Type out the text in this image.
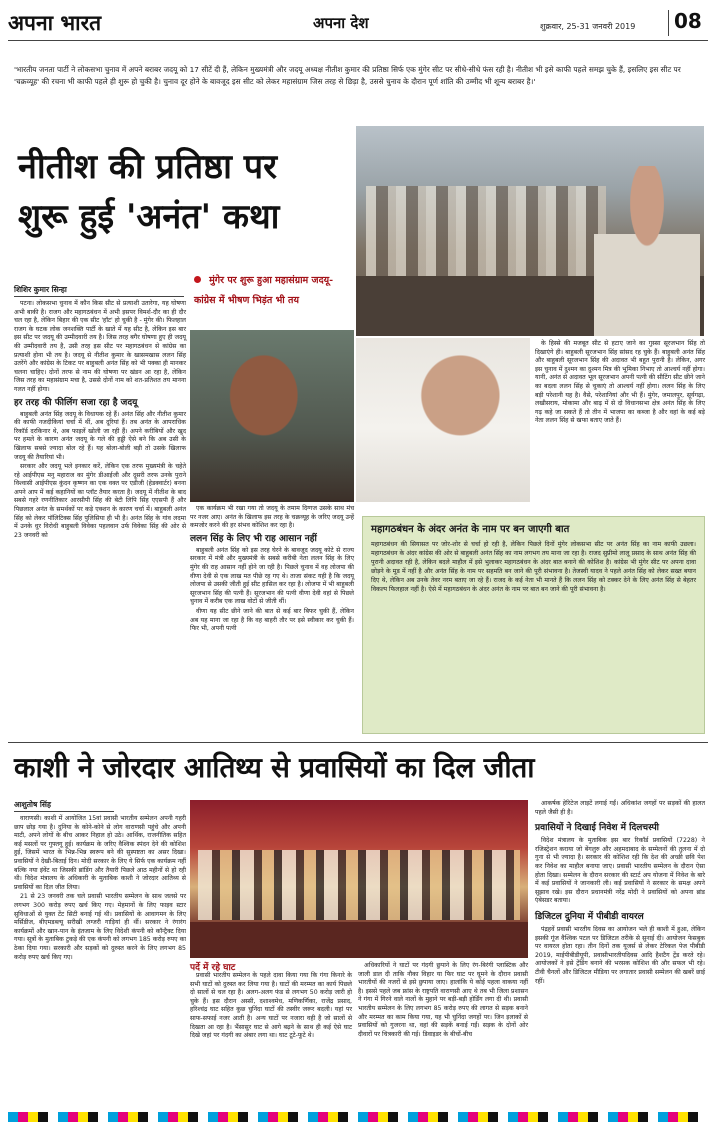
अपना भारत	अपना देश	शुक्रवार, 25-31 जनवरी 2019 08
'भारतीय जनता पार्टी ने लोकसभा चुनाव में अपने बराबर जदयू को 17 सीटें दी हैं, लेकिन मुख्यमंत्री और जदयू अध्यक्ष नीतीश कुमार की प्रतिष्ठा सिर्फ एक मुंगेर सीट पर सीधे-सीधे फंस रही है। नीतीश भी इसे काफी पहले समझ चुके हैं, इसलिए इस सीट पर 'चक्रव्यूह' की रचना भी काफी पहले ही शुरू हो चुकी है। चुनाव दूर होने के बावजूद इस सीट को लेकर महासंग्राम जिस तरह से छिड़ा है, उससे चुनाव के दौरान पूर्ण शांति की उम्मीद भी शून्य बराबर है।'
नीतीश की प्रतिष्ठा पर
शुरू हुई 'अनंत' कथा
शिशिर कुमार सिन्हा

पटना। लोकसभा चुनाव में कौन किस सीट से प्रत्याशी उतारेगा, यह घोषणा अभी बाकी है। राजग और महागठबंधन में अभी इसपर विमर्श-दौर का ही दौर चल रहा है, लेकिन बिहार की एक सीट 'हॉट' हो चुकी है - मुंगेर की। फिलहाल राजग के घटक लोक जनशक्ति पार्टी के खाते में यह सीट है, लेकिन इस बार इस सीट पर जदयू की उम्मीदवारी तय है। जिस तरह बगैर घोषणा हुए ही जदयू की उम्मीदवारी तय है, उसी तरह इस सीट पर महागठबंधन से कांग्रेस का प्रत्याशी होना भी तय है। जदयू से नीतीश कुमार के खासमखास ललन सिंह उतरेंगे और कांग्रेस के टिकट पर बाहुबली अनंत सिंह को भी पक्का ही मानकर चलना चाहिए। दोनों तरफ से नाम की घोषणा पर खंडन आ रहा है, लेकिन जिस तरह का महासंग्राम मचा है, उससे दोनों नाम को शत-प्रतिशत तय मानना गलत नहीं होगा।

हर तरह की फीलिंग सजा रहा है जदयू

बाहुबली अनंत सिंह जदयू के विधायक रहे हैं। अनंत सिंह और नीतीश कुमार की काफी नजदीकियां चर्चा में थीं, अब दूरियां हैं। तब अनंत के आपराधिक रिकॉर्ड दरकिनार थे, अब फाइलें खोली जा रही हैं। अपने करीबियों और खुद पर हमले के कारण अनंत जदयू के गले की हड्डी ऐसे बने कि अब उसी के खिलाफ सबसे ज्यादा बोल रहे हैं। यह बोला-बोली बड़ी तो उसके खिलाफ जदयू की तैयारियां भी।

सरकार और जदयू भले इनकार करें, लेकिन एक तरफ मुख्यमंत्री के चहेते रहे आईपीएस मनु महाराज का मुंगेर डीआईजी और दूसरी तरफ उनके पुराने विश्वासी आईपीएस कुंदन कृष्णन का एक वक्त पर एडीजी (हेडक्वार्टर) बनना अपने आप में कई कहानियों का प्लॉट तैयार करता है। जदयू में नीतीश के बाद सबसे गहरे रणनीतिकार आरसीपी सिंह की बेटी लिपि सिंह एएसपी हैं और पिछलाल अनंत के समर्थकों पर कड़े एक्शन के कारण चर्चा में। बाहुबली अनंत सिंह को लेकर पॉलिटिक्स सिंह पुलिसिया ही भी है। अनंत सिंह के गांव लदमा में उनके धुर विरोधी बाहुबली विवेका पहलवान उर्फ विवेका सिंह की ओर से 23 जनवरी को

मुंगेर पर शुरू हुआ महासंग्राम जदयू-कांग्रेस में भीषण भिड़ंत भी तय

एक कार्यक्रम भी रखा गया तो जदयू के तमाम दिग्गज उसके साथ मंच पर नजर आए। अनंत के खिलाफ इस तरह के चक्रव्यूह के जरिए जदयू उन्हें कमजोर करने की हर संभव कोशिश कर रहा है।

ललन सिंह के लिए भी राह आसान नहीं

बाहुबली अनंत सिंह को इस तरह घेरने के बावजूद जदयू कोटे से राज्य सरकार में मंत्री और मुख्यमंत्री के सबसे करीबी नेता ललन सिंह के लिए मुंगेर की राह आसान नहीं होने जा रही है। पिछले चुनाव में वह लोजपा की वीणा देवी से एक लाख मत पीछे रह गए थे। ताजा संकट यही है कि जदयू लोजपा से उसकी जीती हुई सीट हासिल कर रहा है। लोजपा में भी बाहुबली सूरजभान सिंह की पत्नी हैं। सूरजभान की पत्नी वीणा देवी वहां से पिछले चुनाव में करीब एक लाख वोटों से जीती थीं।

वीणा यह सीट छीने जाने की बात से कई बार बिफर चुकी हैं, लेकिन अब यह माना जा रहा है कि वह बाहरी तौर पर इसे स्वीकार कर चुकी हैं। फिर भी, अपनी पत्नी

के हिस्से की मजबूत सीट से हटाए जाने का गुस्सा सूरजभान सिंह तो दिखाएंगे ही। बाहुबली सूरजभान सिंह सांसद रह चुके हैं। बाहुबली अनंत सिंह और बाहुबली सूरजभान सिंह की अदावत भी बहुत पुरानी है। लेकिन, अगर इस चुनाव में दुश्मन का दुश्मन मित्र की भूमिका निभाए तो आश्चर्य नहीं होगा। यानी, अनंत से अदावत भूल सूरजभान अपनी पत्नी की सीटिंग सीट छीने जाने का बदला ललन सिंह से चुकाएं तो आश्चर्य नहीं होगा। ललन सिंह के लिए बड़ी परेशानी यह है। वैसे, परेशानियां और भी हैं। मुंगेर, जमालपुर, सूर्यगढ़ा, लखीसराय, मोकामा और बाढ़ में से दो विधानसभा क्षेत्र अनंत सिंह के लिए गढ़ कहे जा सकते हैं तो तीन में भाजपा का कब्जा है और वहां के कई बड़े नेता ललन सिंह से खफा बताए जाते हैं।

महागठबंधन के अंदर अनंत के नाम पर बन जाएगी बात
महागठबंधन की सियासत पर जोर-शोर से चर्चा हो रही है, लेकिन पिछले दिनों मुंगेर लोकसभा सीट पर अनंत सिंह का नाम काफी उछला। महागठबंधन के अंदर कांग्रेस की ओर से बाहुबली अनंत सिंह का नाम लगभग तय माना जा रहा है। राजद सुप्रीमो लालू प्रसाद के साथ अनंत सिंह की पुरानी अदावत रही है, लेकिन बदले माहौल में इसे भुलाकर महागठबंधन के अंदर बात बनाने की कोशिश है। कांग्रेस भी मुंगेर सीट पर अपना दावा छोड़ने के मूड में नहीं है और अनंत सिंह के नाम पर सहमति बन जाने की पूरी संभावना है। तेजस्वी यादव ने पहले अनंत सिंह को लेकर सख्त बयान दिए थे, लेकिन अब उनके तेवर नरम बताए जा रहे हैं। राजद के कई नेता भी मानते हैं कि ललन सिंह को टक्कर देने के लिए अनंत सिंह से बेहतर विकल्प फिलहाल नहीं है। ऐसे में महागठबंधन के अंदर अनंत के नाम पर बात बन जाने की पूरी संभावना है।
काशी ने जोरदार आतिथ्य से प्रवासियों का दिल जीता
आशुतोष सिंह

वाराणसी। काशी में आयोजित 15वां प्रवासी भारतीय सम्मेलन अपनी गहरी छाप छोड़ गया है। दुनिया के कोने-कोने से लोग वाराणसी पहुंचे और अपनी माटी, अपने लोगों के बीच आकर निहाल हो उठे। आर्थिक, राजनीतिक सहित कई मसलों पर गुफ्तगू हुई। कार्यक्रम के जरिए वैश्विक स्पंदन देने की कोशिश हुई, जिसमें भारत के भिन्न-भिन्न स्वरूप बने की सुस्पष्टता का असर दिखा। प्रवासियों ने देखी-बिताई दिन। मोदी सरकार के लिए ये सिर्फ एक कार्यक्रम नहीं बल्कि नया इंवेंट था जिसकी ब्रांडिंग और तैयारी पिछले आठ महीनों से हो रही थी। विदेश मंत्रालय के अधिकारी के मुताबिक काशी ने जोरदार आतिथ्य से प्रवासियों का दिल जीत लिया।

21 से 23 जनवरी तक चले प्रवासी भारतीय सम्मेलन के साथ जलसे पर लगभग 300 करोड़ रुपए खर्च किए गए। मेहमानों के लिए फाइव स्टार सुविधाओं से युक्त टेंट सिटी बनाई गई थी। प्रवासियों के आवागमन के लिए मर्सिडीज, बीएमडब्ल्यू सरीखी लग्जरी गाड़ियां ही थीं। सरकार ने रंगारंग कार्यक्रमों और खान-पान के इंतजाम के लिए विदेशी कंपनी को कॉन्ट्रैक्ट दिया गया। सूत्रों के मुताबिक टुकड़े की एक कंपनी को लगभग 185 करोड़ रुपए का ठेका दिया गया। सरकारी और सड़कों को दुरुस्त करने के लिए लगभग 85 करोड़ रुपए खर्च किए गए।

पर्दे में रहे घाट

प्रवासी भारतीय सम्मेलन के पहले दावा किया गया कि गंगा किनारे के सभी घाटों को दुरुस्त कर लिया गया है। घाटों की मरम्मत का कार्य पिछले दो सालों से चल रहा है। अलग-अलग फंड से लगभग 50 करोड़ जारी हो चुके हैं। इस दौरान अस्सी, दशाश्वमेध, मणिकर्णिका, राजेंद्र प्रसाद, हरिश्चंद्र घाट सहित कुछ चुनिंदा घाटों की तस्वीर जरूर बदली। यहां पर साफ-सफाई नजर आती है। अन्य घाटों पर नजारा वही है जो सालों से दिखता आ रहा है। भैंसासुर घाट से आगे बढ़ने के साथ ही कई ऐसे घाट दिखे जहां पर गंदगी का अंबार लगा था। घाट टूटे-फूटे थे।

अधिकारियों ने घाटों पर गंदगी छुपाने के लिए रंग-बिरंगी प्लास्टिक और जाली डाल दी ताकि नौका विहार या फिर घाट पर घूमने के दौरान प्रवासी भारतीयों की नजरों से इसे छुपाया जाए। हालांकि ये कोई पहला वाकया नहीं है। इससे पहले जब फ्रांस के राष्ट्रपति वाराणसी आए थे तब भी जिला प्रशासन ने गंगा में गिरने वाले नालों के मुहाने पर बड़ी-बड़ी होर्डिंग लगा दी थी। प्रवासी भारतीय सम्मेलन के लिए लगभग 85 करोड़ रुपए की लागत से सड़क बनाने और मरम्मत का काम किया गया, यह भी चुनिंदा जगहों पर। जिन इलाकों से प्रवासियों को गुजरना था, वहां की सड़कें बनाई गईं। सड़क के दोनों ओर दीवारों पर चित्रकारी की गई। डिवाइडर के बीचों-बीच

आकर्षक हेरिटेज लाइटें लगाई गईं। अधिकांश जगहों पर सड़कों की हालत पहले जैसी ही है।

प्रवासियों ने दिखाई निवेश में दिलचस्पी

विदेश मंत्रालय के मुताबिक इस बार रिकॉर्ड प्रवासियों (7228) ने रजिस्ट्रेशन कराया जो बेंगलुरु और अहमदाबाद के सम्मेलनों की तुलना में दो गुना से भी ज्यादा है। सरकार की कोशिश रही कि देश की अच्छी छवि पेश कर निवेश का माहौल बनाया जाए। प्रवासी भारतीय सम्मेलन के दौरान ऐसा होता दिखा। सम्मेलन के दौरान सरकार की स्टार्ट अप योजना में निवेश के बारे में कई प्रवासियों ने जानकारी ली। कई प्रवासियों ने सरकार के समक्ष अपने सुझाव रखे। इस दौरान प्रधानमंत्री नरेंद्र मोदी ने प्रवासियों को अपना ब्रांड एंबेसडर बताया।

डिजिटल दुनिया में पीबीडी वायरल

पंद्रहवें प्रवासी भारतीय दिवस का आयोजन भले ही काशी में हुआ, लेकिन इसकी गूंज वैश्विक पटल पर डिजिटल तरीके से सुनाई दी। आयोजन फेसबुक पर वायरल होता रहा। तीन दिनों तक यूजर्स से लेकर टेरिकल पेज पीबीडी 2019, माईपीबीडीयूपी, प्रवासीभारतीयदिवस आदि हैशटैग ट्रेंड करते रहे। आयोजकों ने इसे ट्रेंडिंग बनाने की भरसक कोशिश की और सफल भी रहे। टीवी चैनलों और डिजिटल मीडिया पर लगातार प्रवासी सम्मेलन की खबरें छाई रहीं।
